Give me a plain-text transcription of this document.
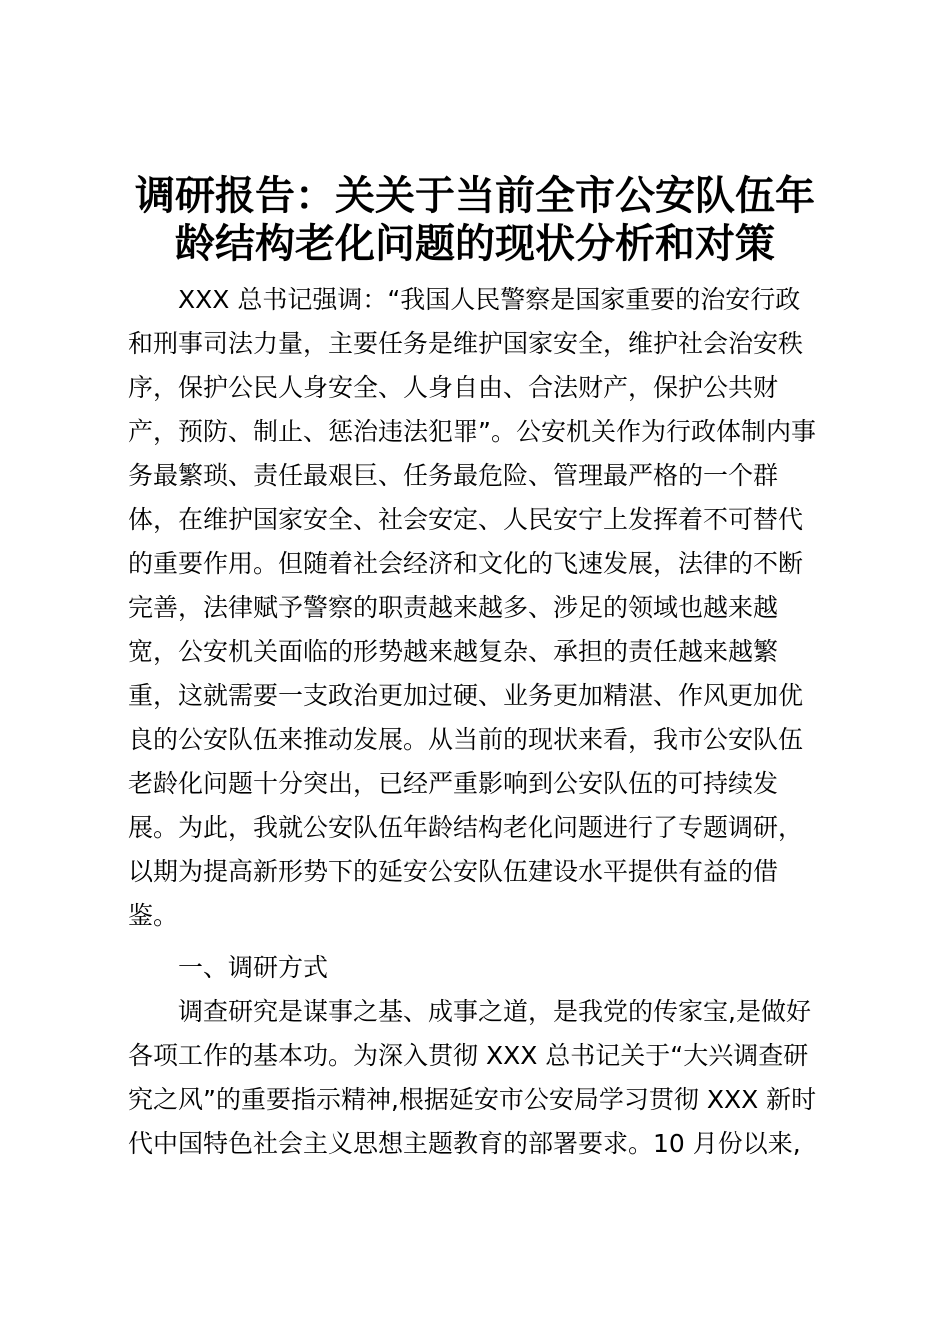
调研报告：关关于当前全市公安队伍年
龄结构老化问题的现状分析和对策

XXX 总书记强调：“我国人民警察是国家重要的治安行政

和刑事司法力量，主要任务是维护国家安全，维护社会治安秩

序，保护公民人身安全、人身自由、合法财产，保护公共财

产，预防、制止、惩治违法犯罪”。公安机关作为行政体制内事

务最繁琐、责任最艰巨、任务最危险、管理最严格的一个群

体，在维护国家安全、社会安定、人民安宁上发挥着不可替代

的重要作用。但随着社会经济和文化的飞速发展，法律的不断

完善，法律赋予警察的职责越来越多、涉足的领域也越来越

宽，公安机关面临的形势越来越复杂、承担的责任越来越繁

重，这就需要一支政治更加过硬、业务更加精湛、作风更加优

良的公安队伍来推动发展。从当前的现状来看，我市公安队伍

老龄化问题十分突出，已经严重影响到公安队伍的可持续发

展。为此，我就公安队伍年龄结构老化问题进行了专题调研，

以期为提高新形势下的延安公安队伍建设水平提供有益的借

鉴。

一、调研方式

调查研究是谋事之基、成事之道，是我党的传家宝,是做好

各项工作的基本功。为深入贯彻 XXX 总书记关于“大兴调查研

究之风”的重要指示精神,根据延安市公安局学习贯彻 XXX 新时

代中国特色社会主义思想主题教育的部署要求。10 月份以来,
